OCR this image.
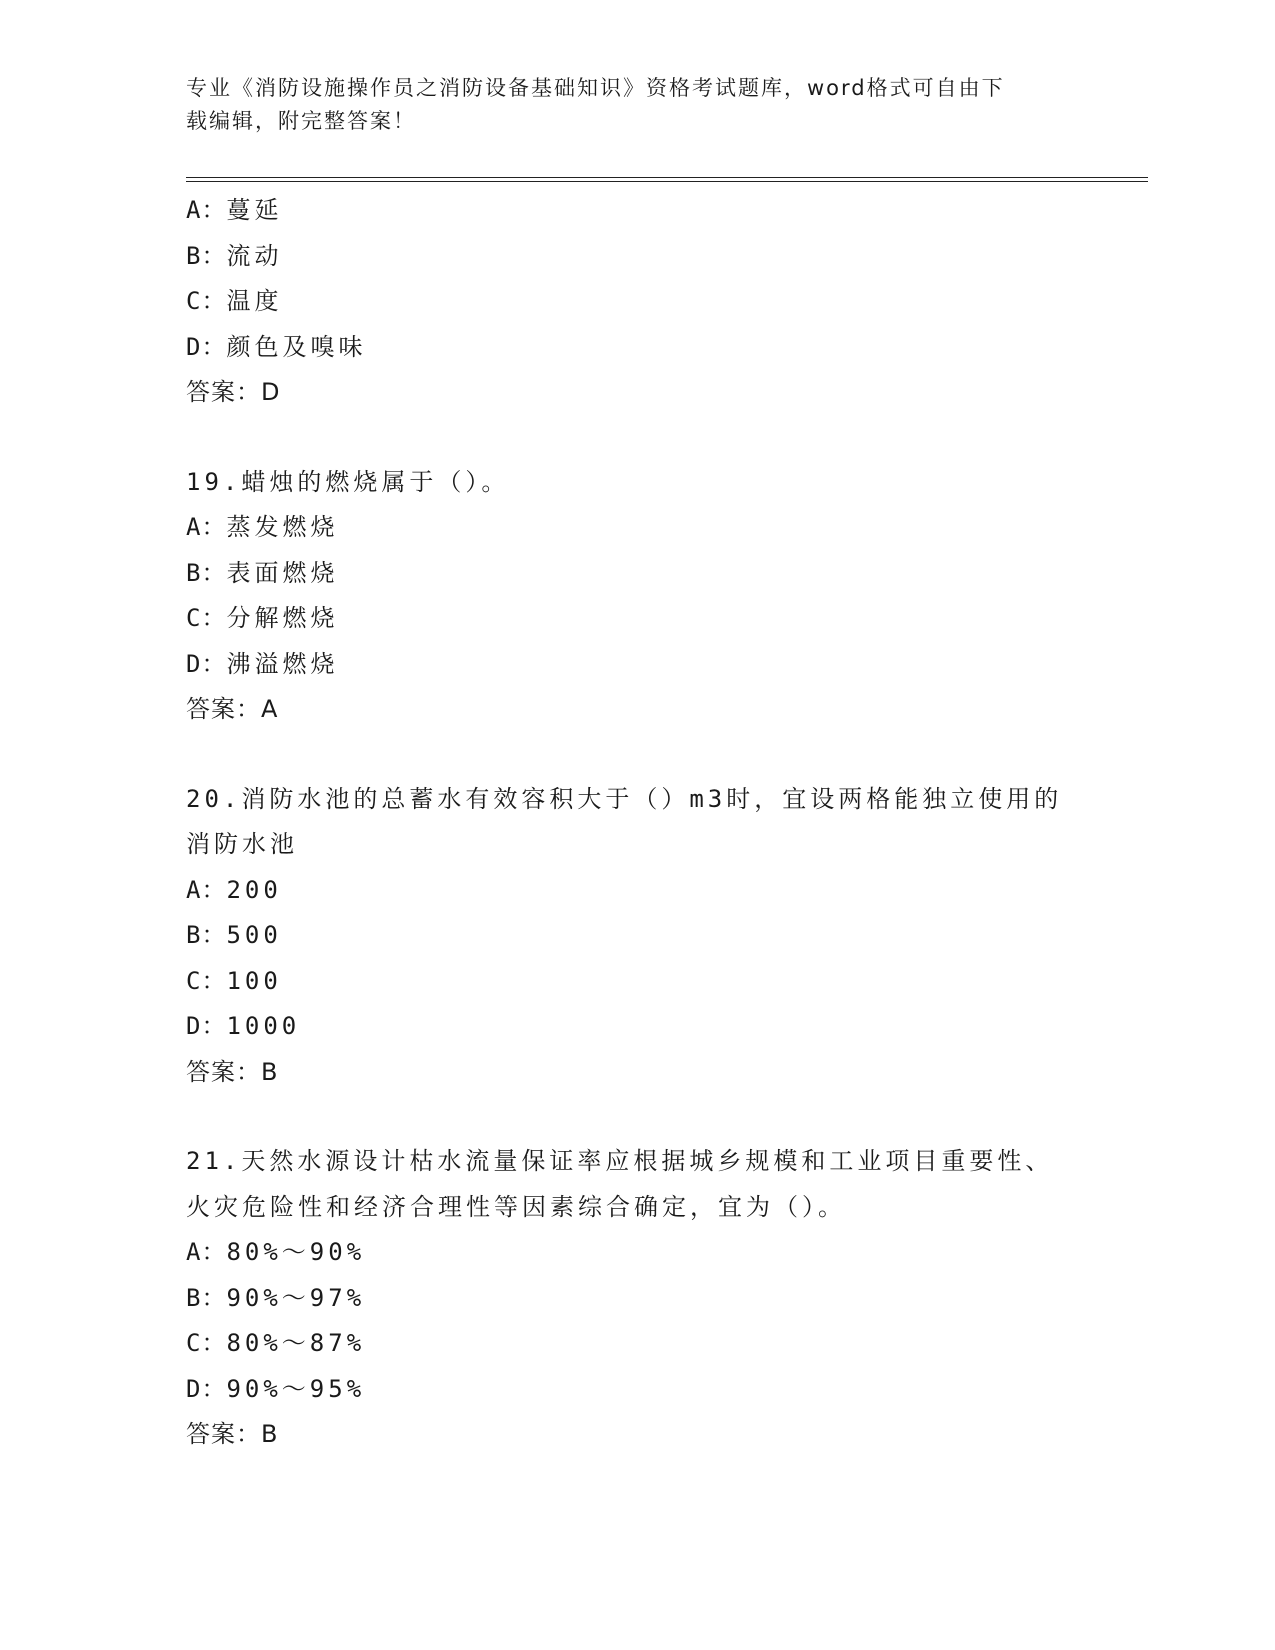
专业《消防设施操作员之消防设备基础知识》资格考试题库，word格式可自由下
载编辑，附完整答案！
A：蔓延
B：流动
C：温度
D：颜色及嗅味
答案：D
19.蜡烛的燃烧属于（）。
A：蒸发燃烧
B：表面燃烧
C：分解燃烧
D：沸溢燃烧
答案：A
20.消防水池的总蓄水有效容积大于（）m3时，宜设两格能独立使用的
消防水池
A：200
B：500
C：100
D：1000
答案：B
21.天然水源设计枯水流量保证率应根据城乡规模和工业项目重要性、
火灾危险性和经济合理性等因素综合确定，宜为（）。
A：80%～90%
B：90%～97%
C：80%～87%
D：90%～95%
答案：B
